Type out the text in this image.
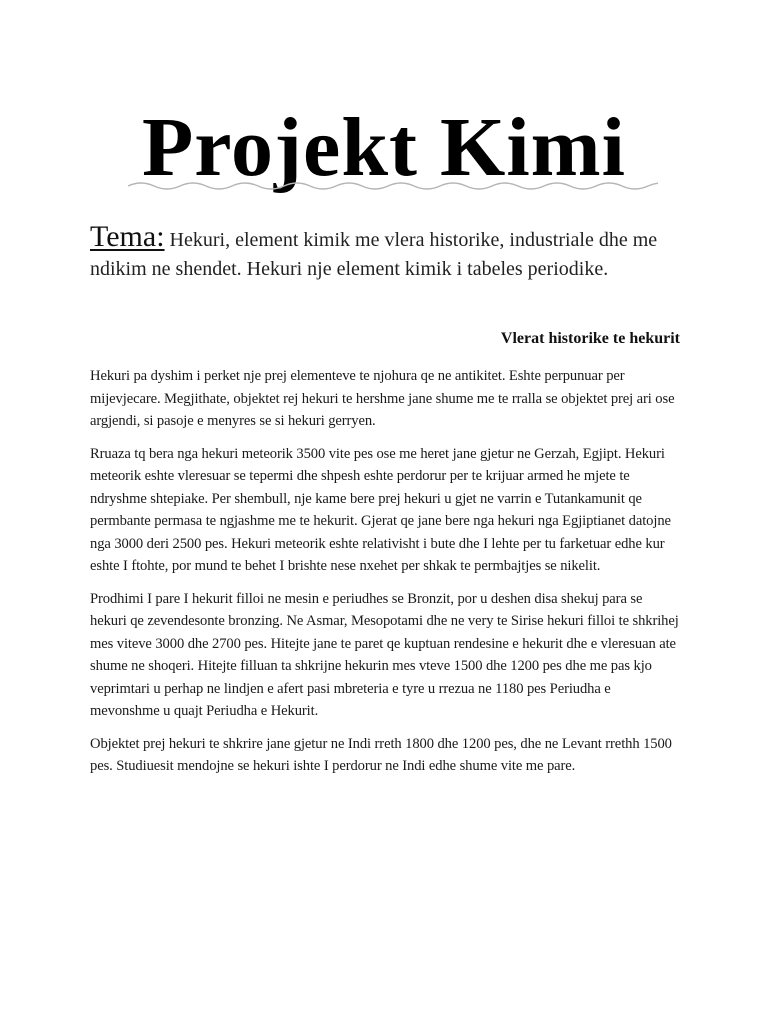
Projekt Kimi
Tema: Hekuri, element kimik me vlera historike, industriale dhe me ndikim ne shendet. Hekuri nje element kimik i tabeles periodike.
Vlerat historike te hekurit

Hekuri pa dyshim i perket nje prej elementeve te njohura qe ne antikitet. Eshte perpunuar per mijevjecare. Megjithate, objektet rej hekuri te hershme jane shume me te rralla se objektet prej ari ose argjendi, si pasoje e menyres se si hekuri gerryen.

Rruaza tq bera nga hekuri meteorik 3500 vite pes ose me heret jane gjetur ne Gerzah, Egjipt. Hekuri meteorik eshte vleresuar se tepermi dhe shpesh eshte perdorur per te krijuar armed he mjete te ndryshme shtepiake. Per shembull, nje kame bere prej hekuri u gjet ne varrin e Tutankamunit qe permbante permasa te ngjashme me te hekurit. Gjerat qe jane bere nga hekuri nga Egjiptianet datojne nga 3000 deri 2500 pes. Hekuri meteorik eshte relativisht i bute dhe I lehte per tu farketuar edhe kur eshte I ftohte, por mund te behet I brishte nese nxehet per shkak te permbajtjes se nikelit.

Prodhimi I pare I hekurit filloi ne mesin e periudhes se Bronzit, por u deshen disa shekuj para se hekuri qe zevendesonte bronzing. Ne Asmar, Mesopotami dhe ne very te Sirise hekuri filloi te shkrihej mes viteve 3000 dhe 2700 pes. Hitejte jane te paret qe kuptuan rendesine e hekurit dhe e vleresuan ate shume ne shoqeri. Hitejte filluan ta shkrijne hekurin mes vteve 1500 dhe 1200 pes dhe me pas kjo veprimtari u perhap ne lindjen e afert pasi mbreteria e tyre u rrezua ne 1180 pes Periudha e mevonshme u quajt Periudha e Hekurit.

Objektet prej hekuri te shkrire jane gjetur ne Indi rreth 1800 dhe 1200 pes, dhe ne Levant rrethh 1500 pes. Studiuesit mendojne se hekuri ishte I perdorur ne Indi edhe shume vite me pare.
